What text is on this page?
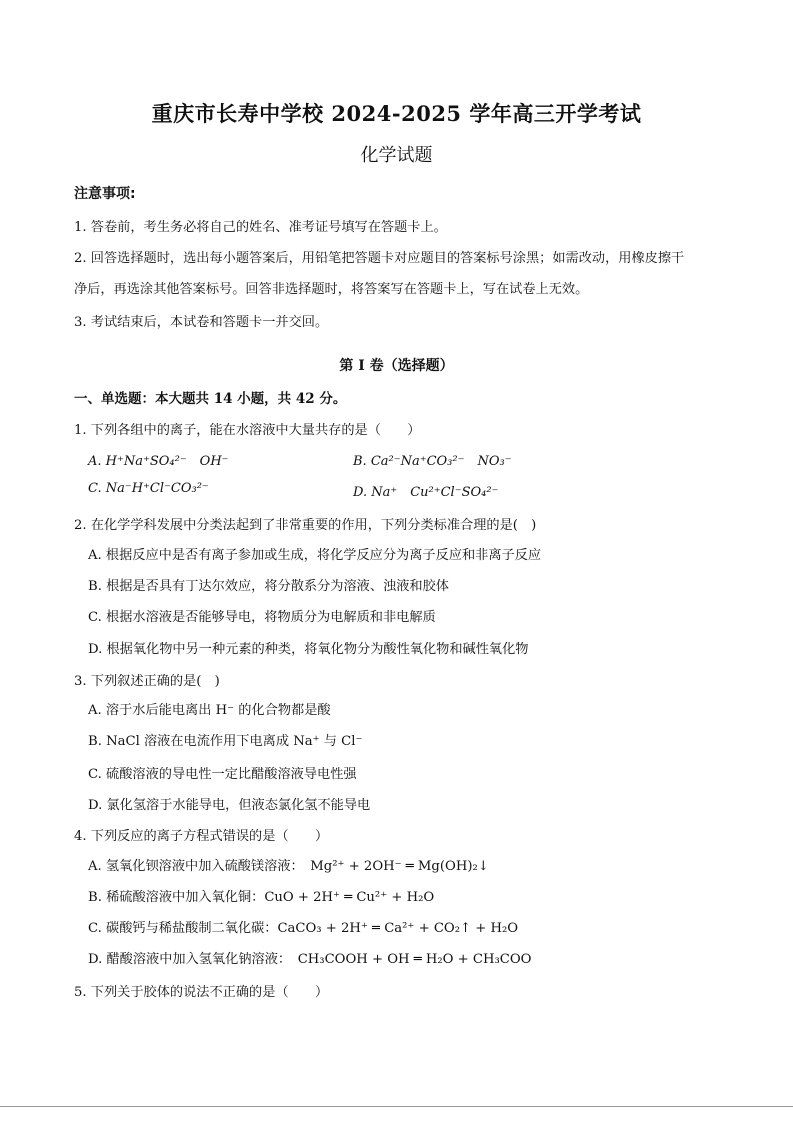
重庆市长寿中学校 2024-2025 学年高三开学考试
化学试题
注意事项:
1. 答卷前，考生务必将自己的姓名、准考证号填写在答题卡上。
2. 回答选择题时，选出每小题答案后，用铅笔把答题卡对应题目的答案标号涂黑；如需改动，用橡皮擦干
净后，再选涂其他答案标号。回答非选择题时，将答案写在答题卡上，写在试卷上无效。
3. 考试结束后，本试卷和答题卡一并交回。
第 I 卷（选择题）
一、单选题：本大题共 14 小题，共 42 分。
1. 下列各组中的离子，能在水溶液中大量共存的是（　　）
A. H⁺Na⁺SO₄²⁻　OH⁻	B. Ca²⁻Na⁺CO₃²⁻　NO₃⁻
C. Na⁻H⁺Cl⁻CO₃²⁻	D. Na⁺　Cu²⁺Cl⁻SO₄²⁻
2. 在化学学科发展中分类法起到了非常重要的作用，下列分类标准合理的是(　)
A. 根据反应中是否有离子参加或生成，将化学反应分为离子反应和非离子反应
B. 根据是否具有丁达尔效应，将分散系分为溶液、浊液和胶体
C. 根据水溶液是否能够导电，将物质分为电解质和非电解质
D. 根据氧化物中另一种元素的种类，将氧化物分为酸性氧化物和碱性氧化物
3. 下列叙述正确的是(　)
A. 溶于水后能电离出 H⁻ 的化合物都是酸
B. NaCl 溶液在电流作用下电离成 Na⁺ 与 Cl⁻
C. 硫酸溶液的导电性一定比醋酸溶液导电性强
D. 氯化氢溶于水能导电，但液态氯化氢不能导电
4. 下列反应的离子方程式错误的是（　　）
A. 氢氧化钡溶液中加入硫酸镁溶液：　Mg²⁺ + 2OH⁻ ═ Mg(OH)₂↓
B. 稀硫酸溶液中加入氧化铜：CuO + 2H⁺ ═ Cu²⁺ + H₂O
C. 碳酸钙与稀盐酸制二氧化碳：CaCO₃ + 2H⁺ ═ Ca²⁺ + CO₂↑ + H₂O
D. 醋酸溶液中加入氢氧化钠溶液：　CH₃COOH + OH ═ H₂O + CH₃COO
5. 下列关于胶体的说法不正确的是（　　）
